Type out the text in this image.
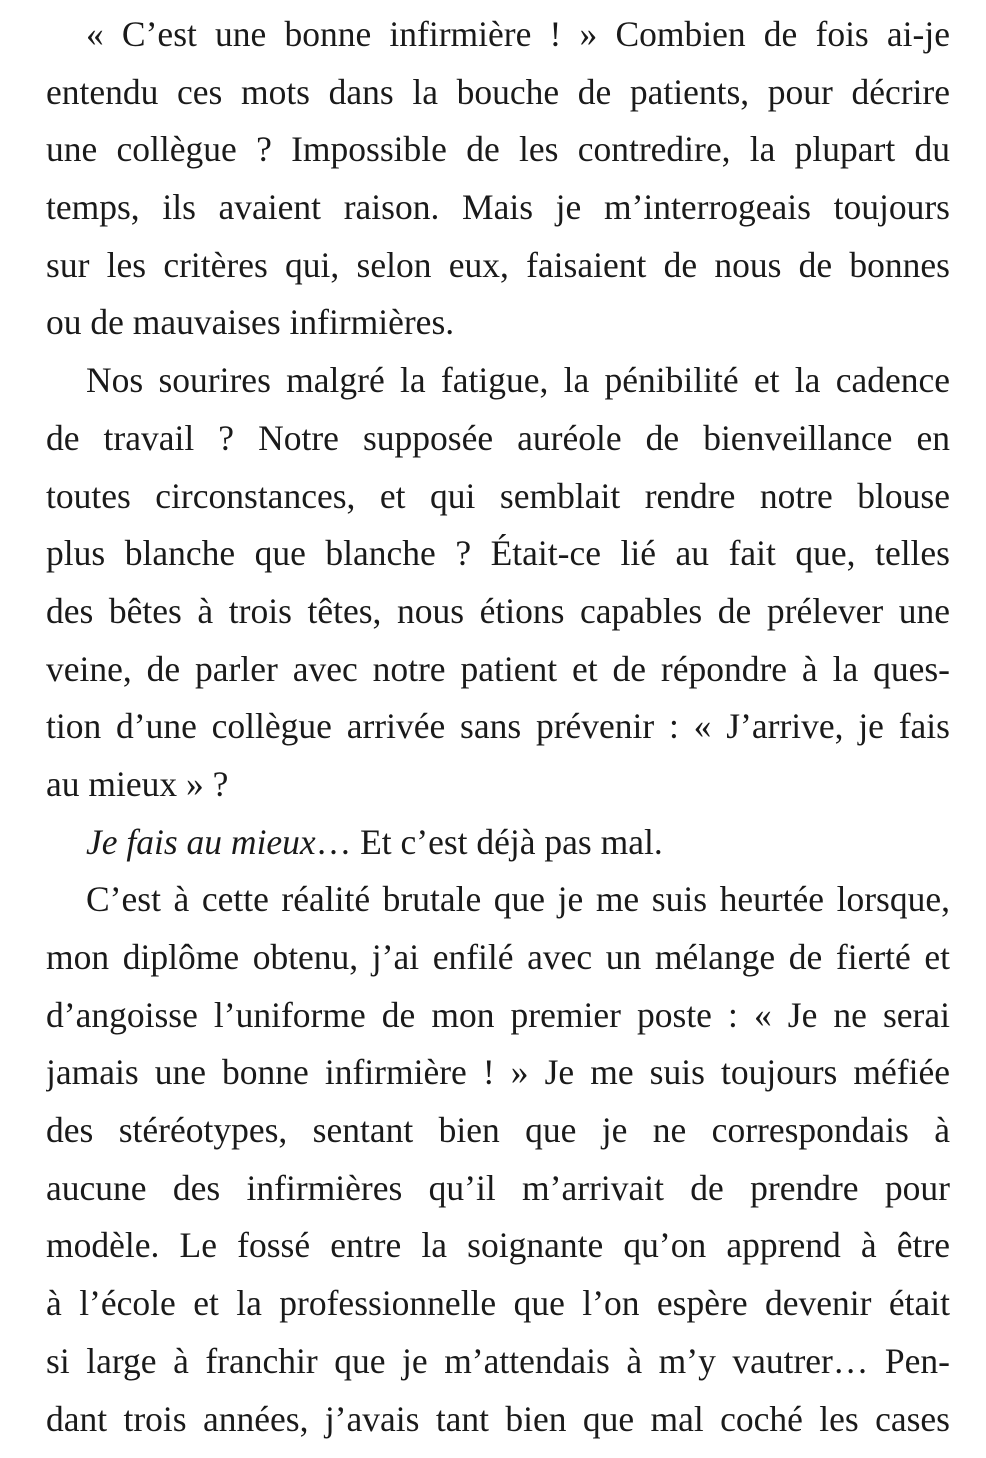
« C’est une bonne infirmière ! » Combien de fois ai-je
entendu ces mots dans la bouche de patients, pour décrire
une collègue ? Impossible de les contredire, la plupart du
temps, ils avaient raison. Mais je m’interrogeais toujours
sur les critères qui, selon eux, faisaient de nous de bonnes
ou de mauvaises infirmières.
Nos sourires malgré la fatigue, la pénibilité et la cadence
de travail ? Notre supposée auréole de bienveillance en
toutes circonstances, et qui semblait rendre notre blouse
plus blanche que blanche ? Était-ce lié au fait que, telles
des bêtes à trois têtes, nous étions capables de prélever une
veine, de parler avec notre patient et de répondre à la ques-
tion d’une collègue arrivée sans prévenir : « J’arrive, je fais
au mieux » ?
Je fais au mieux… Et c’est déjà pas mal.
C’est à cette réalité brutale que je me suis heurtée lorsque,
mon diplôme obtenu, j’ai enfilé avec un mélange de fierté et
d’angoisse l’uniforme de mon premier poste : « Je ne serai
jamais une bonne infirmière ! » Je me suis toujours méfiée
des stéréotypes, sentant bien que je ne correspondais à
aucune des infirmières qu’il m’arrivait de prendre pour
modèle. Le fossé entre la soignante qu’on apprend à être
à l’école et la professionnelle que l’on espère devenir était
si large à franchir que je m’attendais à m’y vautrer… Pen-
dant trois années, j’avais tant bien que mal coché les cases
